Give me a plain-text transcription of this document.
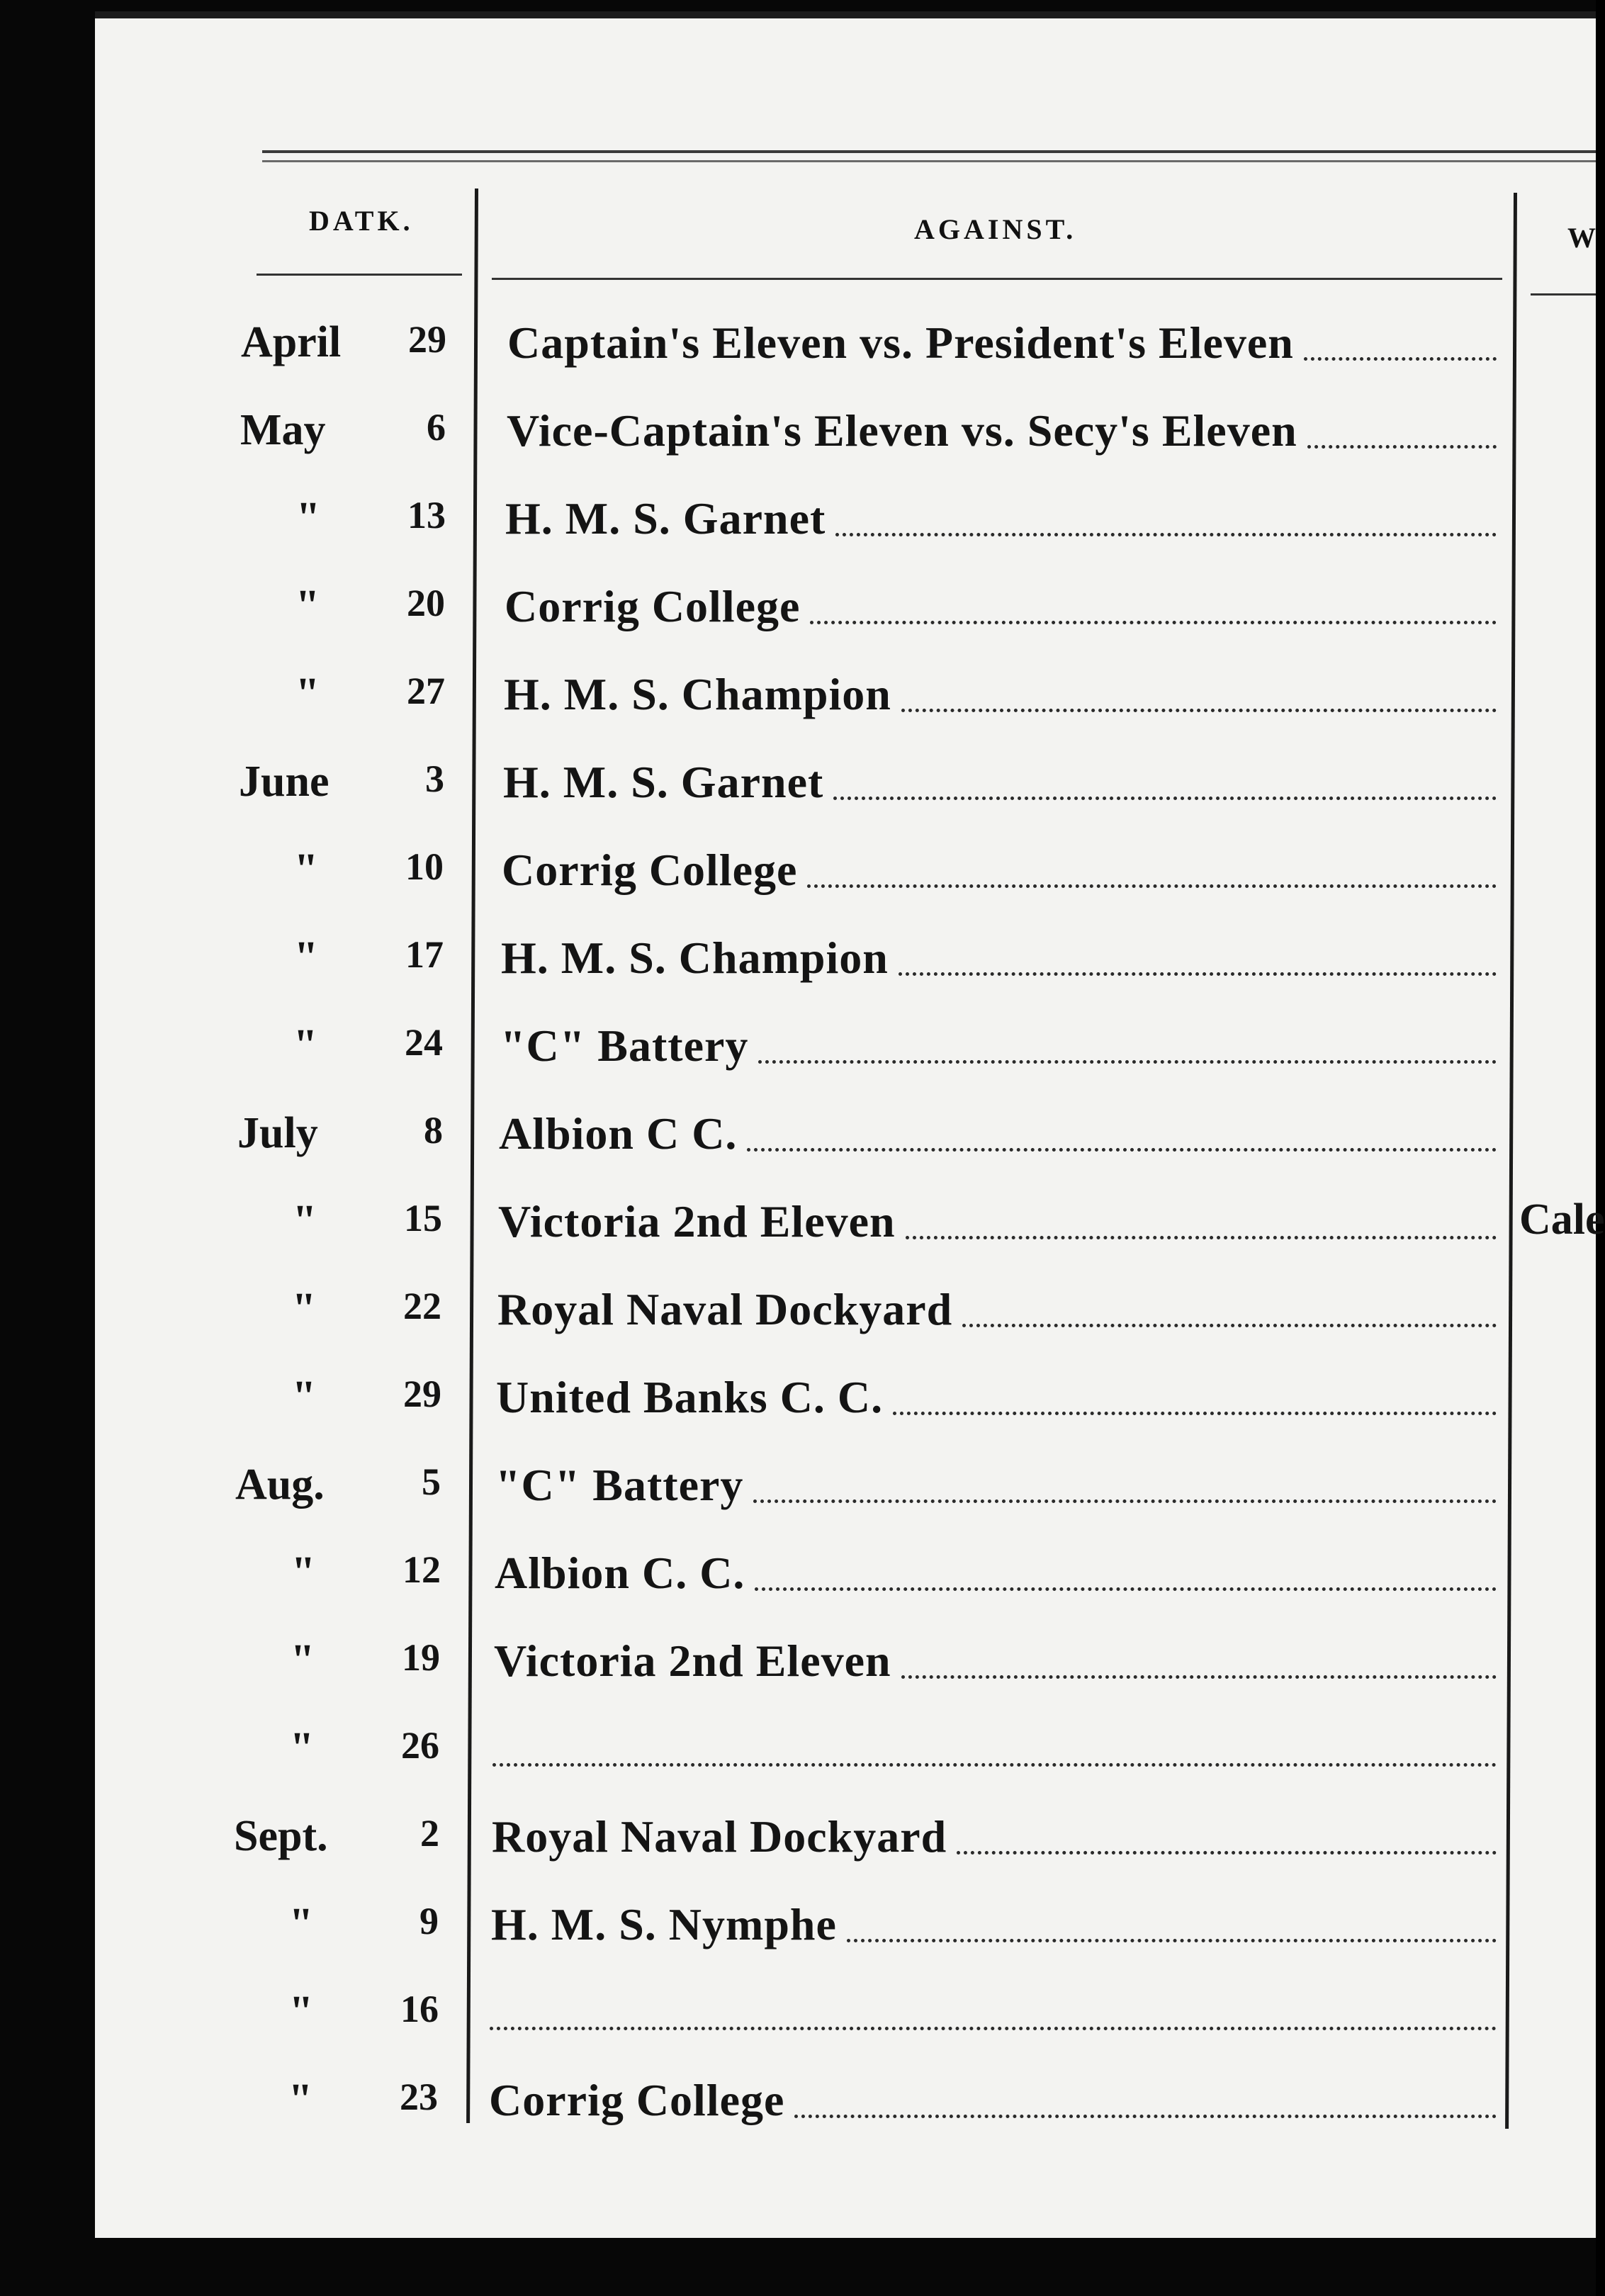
DATK.	AGAINST.	W
April	29 Captain's Eleven vs. President's Eleven
May	6 Vice-Captain's Eleven vs. Secy's Eleven
"	13 H. M. S. Garnet
"	20 Corrig College
"	27 H. M. S. Champion
June	3 H. M. S. Garnet
"	10 Corrig College
"	17 H. M. S. Champion
"	24 "C" Battery
July	8 Albion C C.
"	15 Victoria 2nd Eleven	Cale
"	22 Royal Naval Dockyard
"	29 United Banks C. C.
Aug.	5 "C" Battery
"	12 Albion C. C.
"	19 Victoria 2nd Eleven
"	26
Sept.	2 Royal Naval Dockyard
"	9 H. M. S. Nymphe
"	16
"	23 Corrig College
